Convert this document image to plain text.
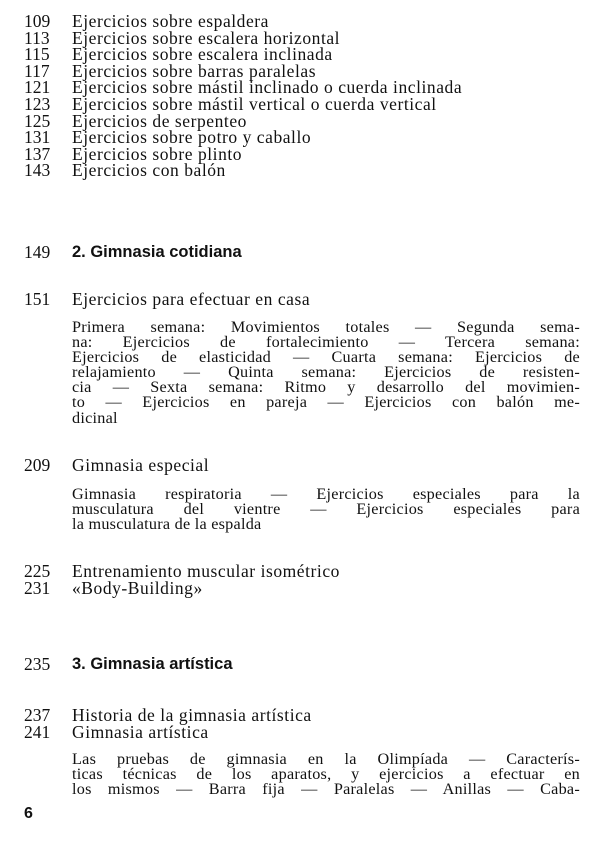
109	Ejercicios sobre espaldera
113	Ejercicios sobre escalera horizontal
115	Ejercicios sobre escalera inclinada
117	Ejercicios sobre barras paralelas
121	Ejercicios sobre mástil inclinado o cuerda inclinada
123	Ejercicios sobre mástil vertical o cuerda vertical
125	Ejercicios de serpenteo
131	Ejercicios sobre potro y caballo
137	Ejercicios sobre plinto
143	Ejercicios con balón
149	2. Gimnasia cotidiana
151	Ejercicios para efectuar en casa
Primera semana: Movimientos totales — Segunda sema-
na: Ejercicios de fortalecimiento — Tercera semana:
Ejercicios de elasticidad — Cuarta semana: Ejercicios de
relajamiento — Quinta semana: Ejercicios de resisten-
cia — Sexta semana: Ritmo y desarrollo del movimien-
to — Ejercicios en pareja — Ejercicios con balón me-
dicinal
209	Gimnasia especial
Gimnasia respiratoria — Ejercicios especiales para la
musculatura del vientre — Ejercicios especiales para
la musculatura de la espalda
225	Entrenamiento muscular isométrico
231	«Body-Building»
235	3. Gimnasia artística
237	Historia de la gimnasia artística
241	Gimnasia artística
Las pruebas de gimnasia en la Olimpíada — Caracterís-
ticas técnicas de los aparatos, y ejercicios a efectuar en
los mismos — Barra fija — Paralelas — Anillas — Caba-
6
